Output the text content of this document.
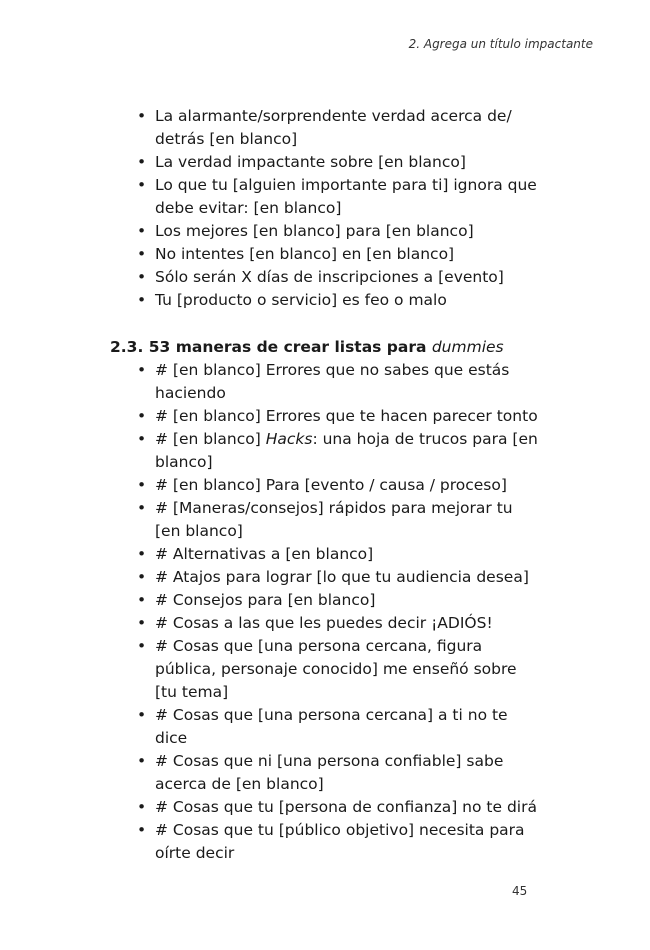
2. Agrega un título impactante
• La alarmante/sorprendente verdad acerca de/ detrás [en blanco]
• La verdad impactante sobre [en blanco]
• Lo que tu [alguien importante para ti] ignora que debe evitar: [en blanco]
• Los mejores [en blanco] para [en blanco]
• No intentes [en blanco] en [en blanco]
• Sólo serán X días de inscripciones a [evento]
• Tu [producto o servicio] es feo o malo
2.3. 53 maneras de crear listas para dummies
• # [en blanco] Errores que no sabes que estás haciendo
• # [en blanco] Errores que te hacen parecer tonto
• # [en blanco] Hacks: una hoja de trucos para [en blanco]
• # [en blanco] Para [evento / causa / proceso]
• # [Maneras/consejos] rápidos para mejorar tu [en blanco]
• # Alternativas a [en blanco]
• # Atajos para lograr [lo que tu audiencia desea]
• # Consejos para [en blanco]
• # Cosas a las que les puedes decir ¡ADIÓS!
• # Cosas que [una persona cercana, figura pública, personaje conocido] me enseñó sobre [tu tema]
• # Cosas que [una persona cercana] a ti no te dice
• # Cosas que ni [una persona confiable] sabe acerca de [en blanco]
• # Cosas que tu [persona de confianza] no te dirá
• # Cosas que tu [público objetivo] necesita para oírte decir
45
